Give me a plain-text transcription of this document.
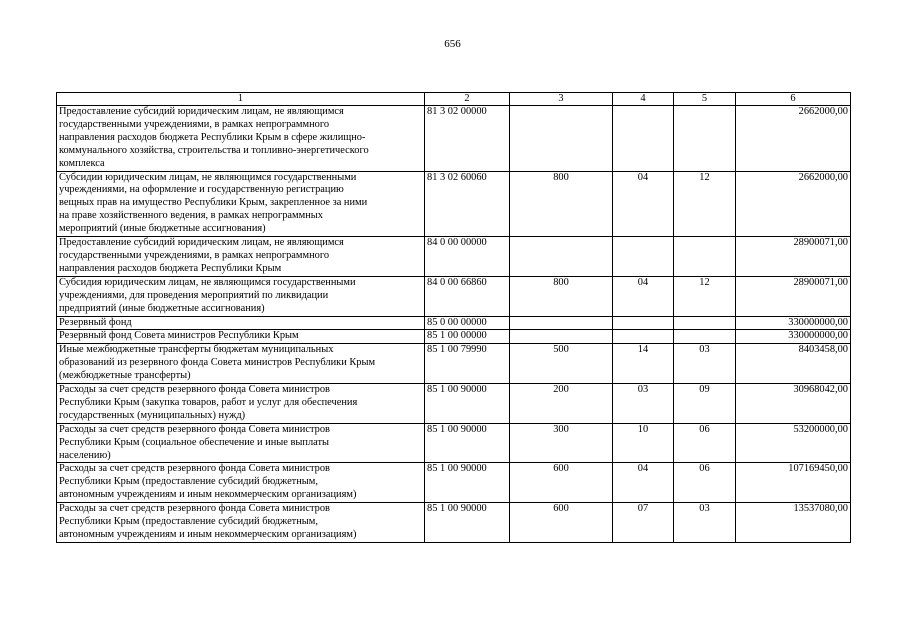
656
1	2	3	4	5	6

Предоставление субсидий юридическим лицам, не являющимся
государственными учреждениями, в рамках непрограммного
направления расходов бюджета Республики Крым в сфере жилищно-
коммунального хозяйства, строительства и топливно-энергетического
комплекса	81 3 02 00000				2662000,00

Субсидии юридическим лицам, не являющимся государственными
учреждениями, на оформление и государственную регистрацию
вещных прав на имущество Республики Крым, закрепленное за ними
на праве хозяйственного ведения, в рамках непрограммных
мероприятий (иные бюджетные ассигнования)	81 3 02 60060	800	04	12	2662000,00

Предоставление субсидий юридическим лицам, не являющимся
государственными учреждениями, в рамках непрограммного
направления расходов бюджета Республики Крым	84 0 00 00000				28900071,00

Субсидия юридическим лицам, не являющимся государственными
учреждениями, для проведения мероприятий по ликвидации
предприятий (иные бюджетные ассигнования)	84 0 00 66860	800	04	12	28900071,00

Резервный фонд	85 0 00 00000				330000000,00

Резервный фонд Совета министров Республики Крым	85 1 00 00000				330000000,00

Иные межбюджетные трансферты бюджетам муниципальных
образований из резервного фонда Совета министров Республики Крым
(межбюджетные трансферты)	85 1 00 79990	500	14	03	8403458,00

Расходы за счет средств резервного фонда Совета министров
Республики Крым (закупка товаров, работ и услуг для обеспечения
государственных (муниципальных) нужд)	85 1 00 90000	200	03	09	30968042,00

Расходы за счет средств резервного фонда Совета министров
Республики Крым (социальное обеспечение и иные выплаты
населению)	85 1 00 90000	300	10	06	53200000,00

Расходы за счет средств резервного фонда Совета министров
Республики Крым (предоставление субсидий бюджетным,
автономным учреждениям и иным некоммерческим организациям)	85 1 00 90000	600	04	06	107169450,00

Расходы за счет средств резервного фонда Совета министров
Республики Крым (предоставление субсидий бюджетным,
автономным учреждениям и иным некоммерческим организациям)	85 1 00 90000	600	07	03	13537080,00
